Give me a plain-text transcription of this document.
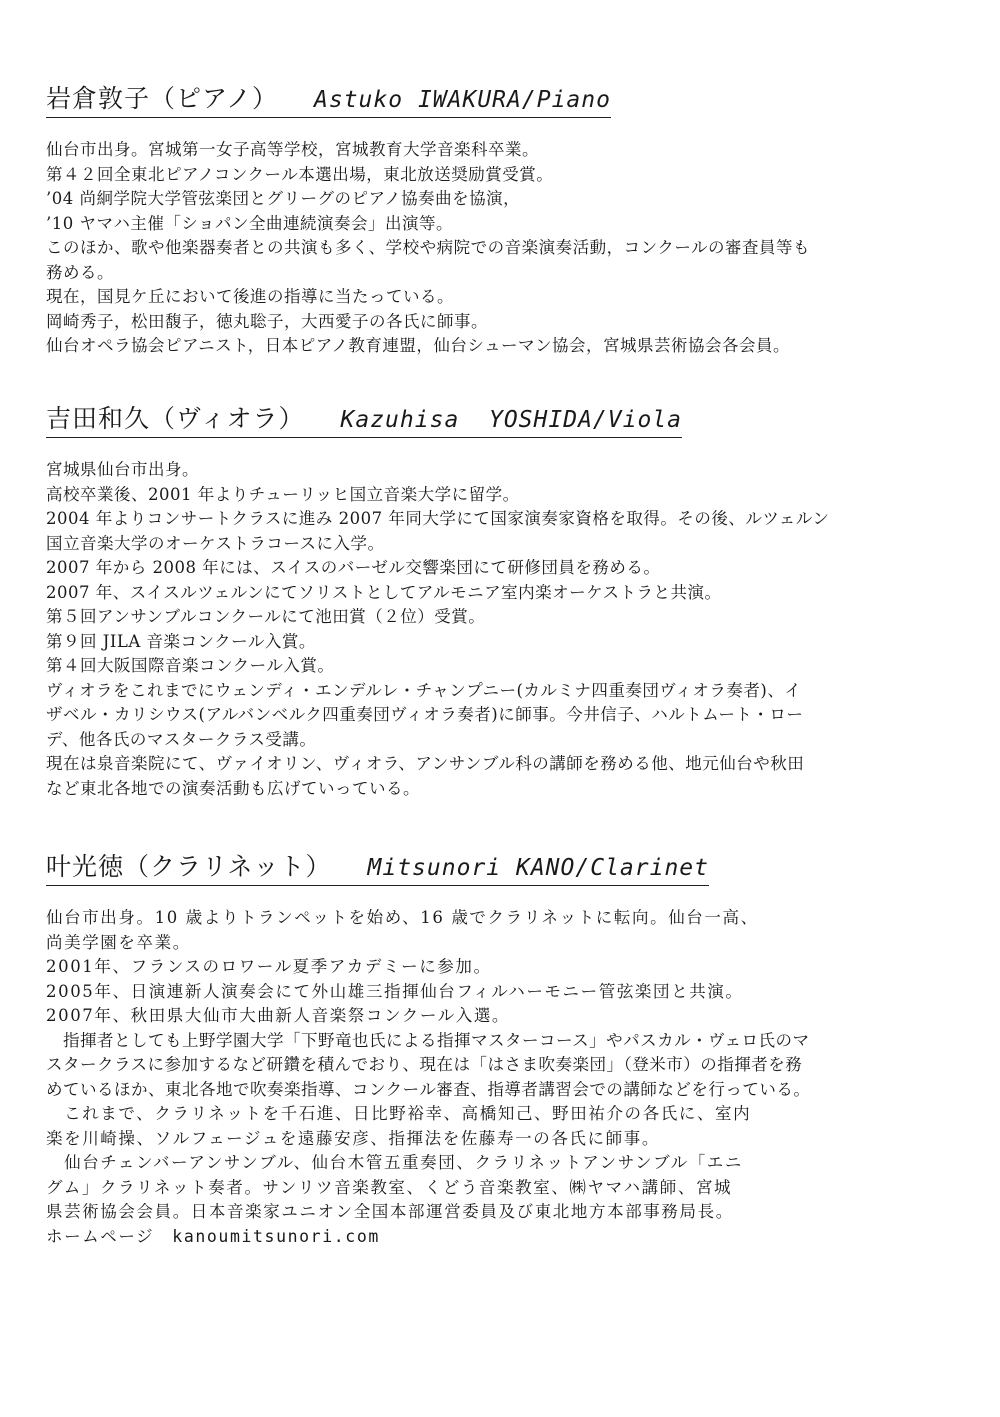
岩倉敦子（ピアノ） Astuko IWAKURA/Piano

仙台市出身。宮城第一女子高等学校，宮城教育大学音楽科卒業。

第４２回全東北ピアノコンクール本選出場，東北放送奨励賞受賞。

’04 尚絅学院大学管弦楽団とグリーグのピアノ協奏曲を協演，

’10 ヤマハ主催「ショパン全曲連続演奏会」出演等。

このほか、歌や他楽器奏者との共演も多く、学校や病院での音楽演奏活動，コンクールの審査員等も

務める。

現在，国見ケ丘において後進の指導に当たっている。

岡崎秀子，松田馥子，徳丸聡子，大西愛子の各氏に師事。

仙台オペラ協会ピアニスト，日本ピアノ教育連盟，仙台シューマン協会，宮城県芸術協会各会員。

吉田和久（ヴィオラ） Kazuhisa  YOSHIDA/Viola

宮城県仙台市出身。

高校卒業後、2001 年よりチューリッヒ国立音楽大学に留学。

2004 年よりコンサートクラスに進み 2007 年同大学にて国家演奏家資格を取得。その後、ルツェルン

国立音楽大学のオーケストラコースに入学。

2007 年から 2008 年には、スイスのバーゼル交響楽団にて研修団員を務める。

2007 年、スイスルツェルンにてソリストとしてアルモニア室内楽オーケストラと共演。

第５回アンサンブルコンクールにて池田賞（２位）受賞。

第９回 JILA 音楽コンクール入賞。

第４回大阪国際音楽コンクール入賞。

ヴィオラをこれまでにウェンディ・エンデルレ・チャンプニー(カルミナ四重奏団ヴィオラ奏者)、イ

ザベル・カリシウス(アルバンベルク四重奏団ヴィオラ奏者)に師事。今井信子、ハルトムート・ロー

デ、他各氏のマスタークラス受講。

現在は泉音楽院にて、ヴァイオリン、ヴィオラ、アンサンブル科の講師を務める他、地元仙台や秋田

など東北各地での演奏活動も広げていっている。

叶光徳（クラリネット） Mitsunori KANO/Clarinet

仙台市出身。10 歳よりトランペットを始め、16 歳でクラリネットに転向。仙台一高、

尚美学園を卒業。

2001年、フランスのロワール夏季アカデミーに参加。

2005年、日演連新人演奏会にて外山雄三指揮仙台フィルハーモニー管弦楽団と共演。

2007年、秋田県大仙市大曲新人音楽祭コンクール入選。

　指揮者としても上野学園大学「下野竜也氏による指揮マスターコース」やパスカル・ヴェロ氏のマ

スタークラスに参加するなど研鑽を積んでおり、現在は「はさま吹奏楽団」（登米市）の指揮者を務

めているほか、東北各地で吹奏楽指導、コンクール審査、指導者講習会での講師などを行っている。

　これまで、クラリネットを千石進、日比野裕幸、高橋知己、野田祐介の各氏に、室内

楽を川崎操、ソルフェージュを遠藤安彦、指揮法を佐藤寿一の各氏に師事。

　仙台チェンバーアンサンブル、仙台木管五重奏団、クラリネットアンサンブル「エニ

グム」クラリネット奏者。サンリツ音楽教室、くどう音楽教室、㈱ヤマハ講師、宮城

県芸術協会会員。日本音楽家ユニオン全国本部運営委員及び東北地方本部事務局長。

ホームページ kanoumitsunori.com
